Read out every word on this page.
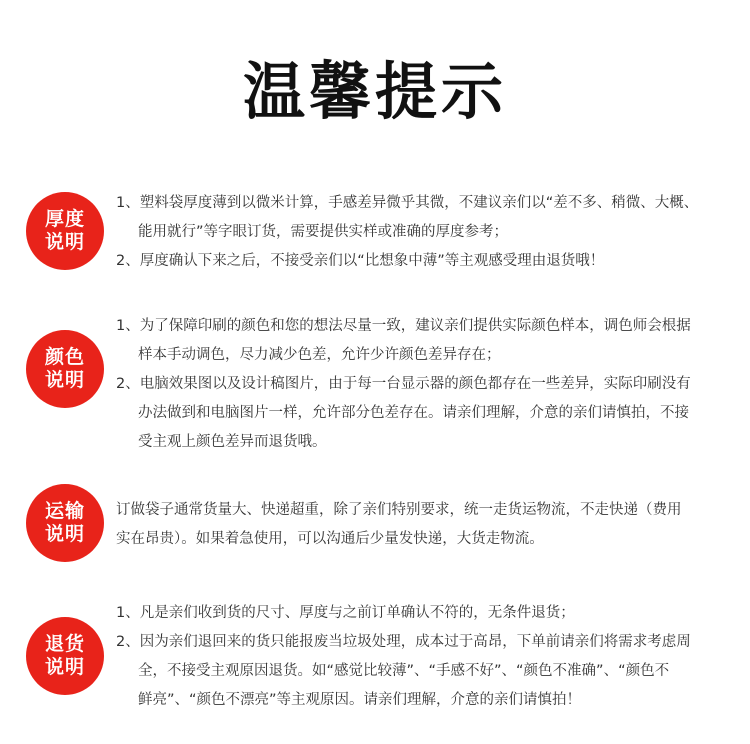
温馨提示
厚度
说明
1、塑料袋厚度薄到以微米计算，手感差异微乎其微，不建议亲们以“差不多、稍微、大概、
能用就行”等字眼订货，需要提供实样或准确的厚度参考；
2、厚度确认下来之后，不接受亲们以“比想象中薄”等主观感受理由退货哦！
颜色
说明
1、为了保障印刷的颜色和您的想法尽量一致，建议亲们提供实际颜色样本，调色师会根据
样本手动调色，尽力减少色差，允许少许颜色差异存在；
2、电脑效果图以及设计稿图片，由于每一台显示器的颜色都存在一些差异，实际印刷没有
办法做到和电脑图片一样，允许部分色差存在。请亲们理解，介意的亲们请慎拍，不接
受主观上颜色差异而退货哦。
运输
说明
订做袋子通常货量大、快递超重，除了亲们特别要求，统一走货运物流，不走快递（费用
实在昂贵）。如果着急使用，可以沟通后少量发快递，大货走物流。
退货
说明
1、凡是亲们收到货的尺寸、厚度与之前订单确认不符的，无条件退货；
2、因为亲们退回来的货只能报废当垃圾处理，成本过于高昂，下单前请亲们将需求考虑周
全，不接受主观原因退货。如“感觉比较薄”、“手感不好”、“颜色不准确”、“颜色不
鲜亮”、“颜色不漂亮”等主观原因。请亲们理解，介意的亲们请慎拍！
